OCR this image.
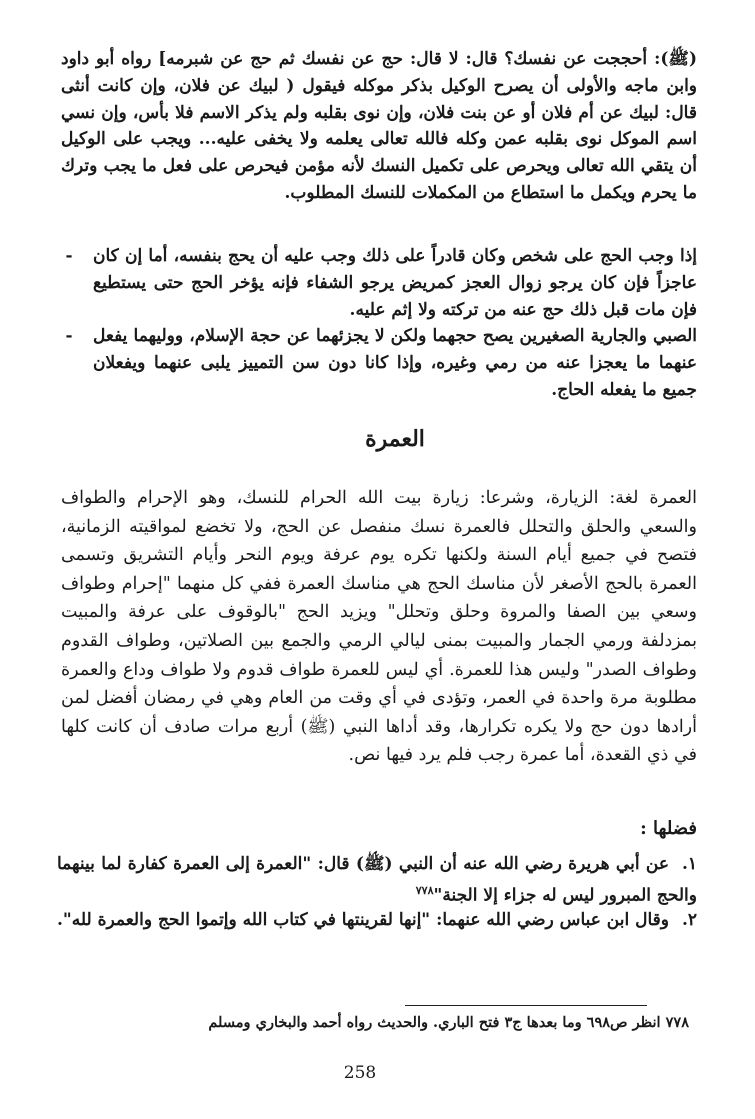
(ﷺ): أحججت عن نفسك؟ قال: لا قال: حج عن نفسك ثم حج عن شبرمه] رواه أبو داود وابن ماجه والأولى أن يصرح الوكيل بذكر موكله فيقول ( لبيك عن فلان، وإن كانت أنثى قال: لبيك عن أم فلان أو عن بنت فلان، وإن نوى بقلبه ولم يذكر الاسم فلا بأس، وإن نسي اسم الموكل نوى بقلبه عمن وكله فالله تعالى يعلمه ولا يخفى عليه... ويجب على الوكيل أن يتقي الله تعالى ويحرص على تكميل النسك لأنه مؤمن فيحرص على فعل ما يجب وترك ما يحرم ويكمل ما استطاع من المكملات للنسك المطلوب.
- إذا وجب الحج على شخص وكان قادراً على ذلك وجب عليه أن يحج بنفسه، أما إن كان عاجزاً فإن كان يرجو زوال العجز كمريض يرجو الشفاء فإنه يؤخر الحج حتى يستطيع فإن مات قبل ذلك حج عنه من تركته ولا إثم عليه.
- الصبي والجارية الصغيرين يصح حجهما ولكن لا يجزئهما عن حجة الإسلام، ووليهما يفعل عنهما ما يعجزا عنه من رمي وغيره، وإذا كانا دون سن التمييز يلبى عنهما ويفعلان جميع ما يفعله الحاج.
العمرة
العمرة لغة: الزيارة، وشرعا: زيارة بيت الله الحرام للنسك، وهو الإحرام والطواف والسعي والحلق والتحلل فالعمرة نسك منفصل عن الحج، ولا تخضع لمواقيته الزمانية، فتصح في جميع أيام السنة ولكنها تكره يوم عرفة ويوم النحر وأيام التشريق وتسمى العمرة بالحج الأصغر لأن مناسك الحج هي مناسك العمرة ففي كل منهما "إحرام وطواف وسعي بين الصفا والمروة وحلق وتحلل" ويزيد الحج "بالوقوف على عرفة والمبيت بمزدلفة ورمي الجمار والمبيت بمنى ليالي الرمي والجمع بين الصلاتين، وطواف القدوم وطواف الصدر" وليس هذا للعمرة. أي ليس للعمرة طواف قدوم ولا طواف وداع والعمرة مطلوبة مرة واحدة في العمر، وتؤدى في أي وقت من العام وهي في رمضان أفضل لمن أرادها دون حج ولا يكره تكرارها، وقد أداها النبي (ﷺ) أربع مرات صادف أن كانت كلها في ذي القعدة، أما عمرة رجب فلم يرد فيها نص.
فضلها :
١.عن أبي هريرة رضي الله عنه أن النبي (ﷺ) قال: "العمرة إلى العمرة كفارة لما بينهما والحج المبرور ليس له جزاء إلا الجنة"$^{٧٧٨}$
٢.وقال ابن عباس رضي الله عنهما: "إنها لقرينتها في كتاب الله وإتموا الحج والعمرة لله".
٧٧٨ انظر ص٦٩٨ وما بعدها ج٣ فتح الباري. والحديث رواه أحمد والبخاري ومسلم
258
